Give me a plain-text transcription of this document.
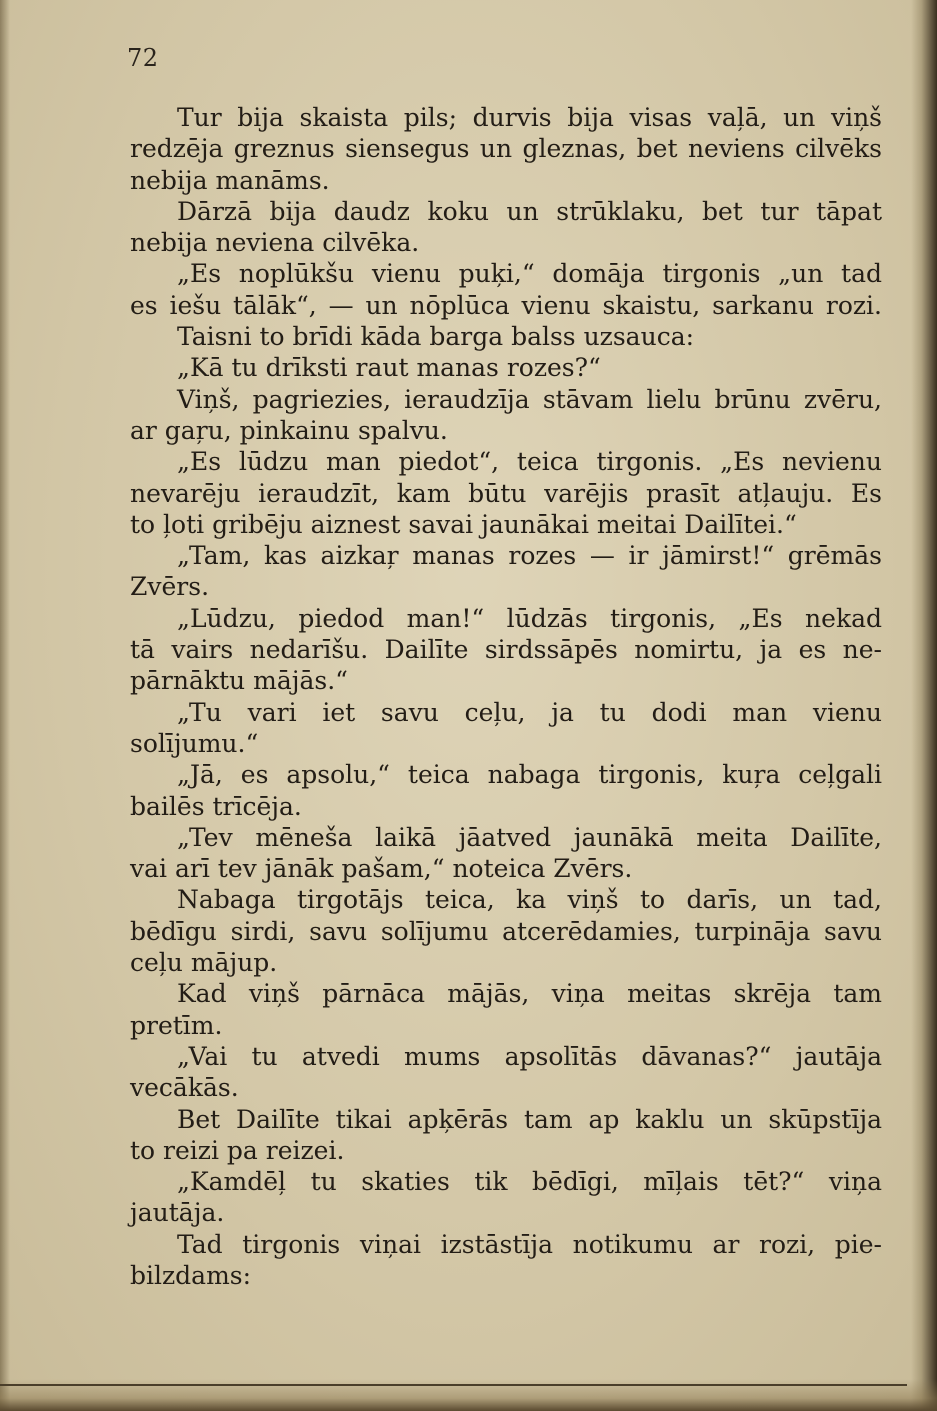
72
Tur bija skaista pils; durvis bija visas vaļā, un viņš
redzēja greznus siensegus un gleznas, bet neviens cilvēks
nebija manāms.
Dārzā bija daudz koku un strūklaku, bet tur tāpat
nebija neviena cilvēka.
„Es noplūkšu vienu puķi,“ domāja tirgonis „un tad
es iešu tālāk“, — un nōplūca vienu skaistu, sarkanu rozi.
Taisni to brīdi kāda barga balss uzsauca:
„Kā tu drīksti raut manas rozes?“
Viņš, pagriezies, ieraudzīja stāvam lielu brūnu zvēru,
ar gaŗu, pinkainu spalvu.
„Es lūdzu man piedot“, teica tirgonis. „Es nevienu
nevarēju ieraudzīt, kam būtu varējis prasīt atļauju. Es
to ļoti gribēju aiznest savai jaunākai meitai Dailītei.“
„Tam, kas aizkaŗ manas rozes — ir jāmirst!“ grēmās
Zvērs.
„Lūdzu, piedod man!“ lūdzās tirgonis, „Es nekad
tā vairs nedarīšu. Dailīte sirdssāpēs nomirtu, ja es ne-
pārnāktu mājās.“
„Tu vari iet savu ceļu, ja tu dodi man vienu
solījumu.“
„Jā, es apsolu,“ teica nabaga tirgonis, kuŗa ceļgali
bailēs trīcēja.
„Tev mēneša laikā jāatved jaunākā meita Dailīte,
vai arī tev jānāk pašam,“ noteica Zvērs.
Nabaga tirgotājs teica, ka viņš to darīs, un tad,
bēdīgu sirdi, savu solījumu atcerēdamies, turpināja savu
ceļu mājup.
Kad viņš pārnāca mājās, viņa meitas skrēja tam
pretīm.
„Vai tu atvedi mums apsolītās dāvanas?“ jautāja
vecākās.
Bet Dailīte tikai apķērās tam ap kaklu un skūpstīja
to reizi pa reizei.
„Kamdēļ tu skaties tik bēdīgi, mīļais tēt?“ viņa
jautāja.
Tad tirgonis viņai izstāstīja notikumu ar rozi, pie-
bilzdams:
